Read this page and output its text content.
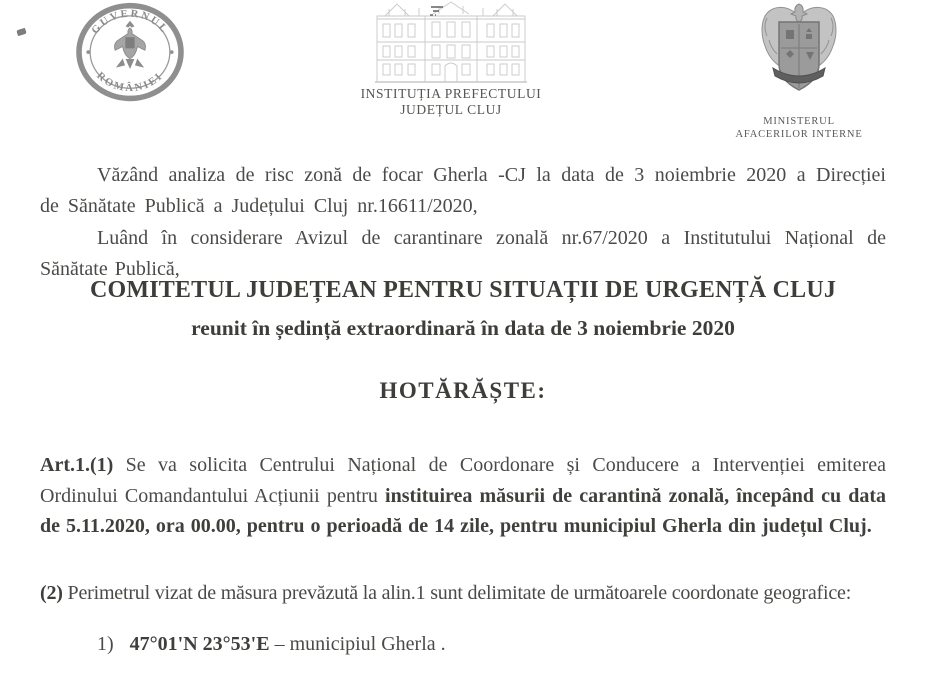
GUVERNUL
ROMÂNIEI
INSTITUȚIA PREFECTULUI
JUDEȚUL CLUJ
MINISTERUL
AFACERILOR INTERNE

Văzând analiza de risc zonă de focar Gherla -CJ la data de 3 noiembrie 2020 a Direcției de Sănătate Publică a Județului Cluj nr.16611/2020,

Luând în considerare Avizul de carantinare zonală nr.67/2020 a Institutului Național de Sănătate Publică,

COMITETUL JUDEȚEAN PENTRU SITUAȚII DE URGENȚĂ CLUJ
reunit în ședință extraordinară în data de 3 noiembrie 2020
HOTĂRĂȘTE:

Art.1.(1) Se va solicita Centrului Național de Coordonare și Conducere a Intervenției emiterea Ordinului Comandantului Acțiunii pentru instituirea măsurii de carantină zonală, începând cu data de 5.11.2020, ora 00.00, pentru o perioadă de 14 zile, pentru municipiul Gherla din județul Cluj.

(2) Perimetrul vizat de măsura prevăzută la alin.1 sunt delimitate de următoarele coordonate geografice:

1) 47°01'N 23°53'E – municipiul Gherla .
